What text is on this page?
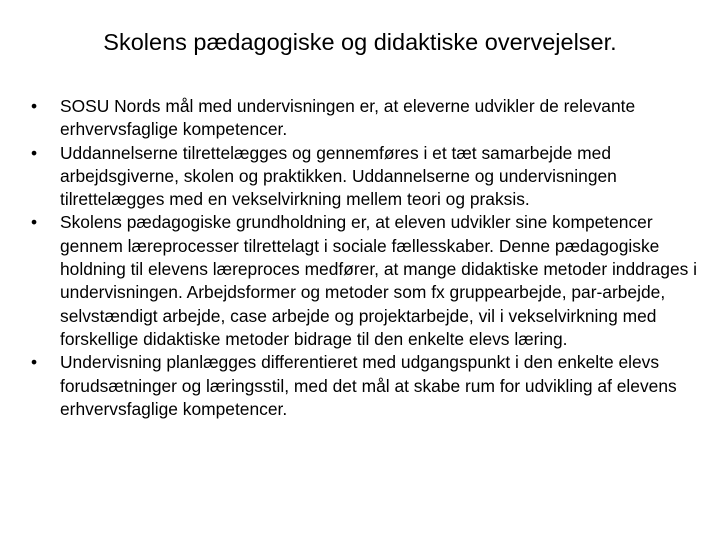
Skolens pædagogiske og didaktiske overvejelser.
•	SOSU Nords mål med undervisningen er, at eleverne udvikler de relevante erhvervsfaglige kompetencer.
•	Uddannelserne tilrettelægges og gennemføres i et tæt samarbejde med arbejdsgiverne, skolen og praktikken. Uddannelserne og undervisningen tilrettelægges med en vekselvirkning mellem teori og praksis.
•	Skolens pædagogiske grundholdning er, at eleven udvikler sine kompetencer gennem læreprocesser tilrettelagt i sociale fællesskaber. Denne pædagogiske holdning til elevens læreproces medfører, at mange didaktiske metoder inddrages i undervisningen. Arbejdsformer og metoder som fx gruppearbejde, par-arbejde, selvstændigt arbejde, case arbejde og projektarbejde, vil i vekselvirkning med forskellige didaktiske metoder bidrage til den enkelte elevs læring.
•	Undervisning planlægges differentieret med udgangspunkt i den enkelte elevs forudsætninger og læringsstil, med det mål at skabe rum for udvikling af elevens erhvervsfaglige kompetencer.
